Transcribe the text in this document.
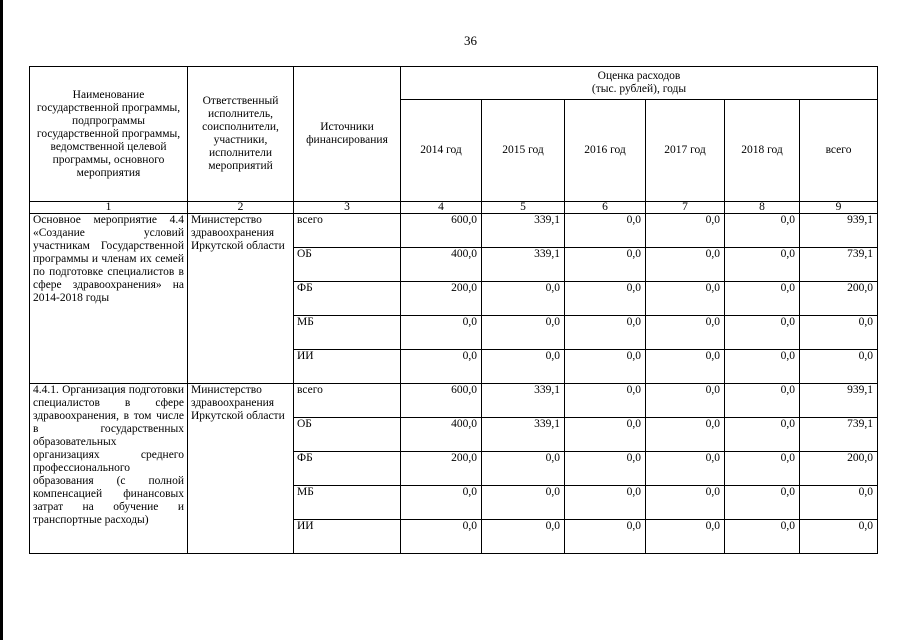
36
Наименование государственной программы, подпрограммы государственной программы, ведомственной целевой программы, основного мероприятия	Ответственный исполнитель, соисполнители, участники, исполнители мероприятий	Источники финансирования	Оценка расходов
(тыс. рублей), годы					

			2014 год	2015 год	2016 год	2017 год	2018 год	всего
1	2	3	4	5	6	7	8	9
Основное мероприятие 4.4 «Создание условий участникам Государственной программы и членам их семей по подготовке специалистов в сфере здравоохранения» на 2014-2018 годы	Министерство здравоохранения Иркутской области	всего	600,0	339,1	0,0	0,0	0,0	939,1
		ОБ	400,0	339,1	0,0	0,0	0,0	739,1
		ФБ	200,0	0,0	0,0	0,0	0,0	200,0
		МБ	0,0	0,0	0,0	0,0	0,0	0,0
		ИИ	0,0	0,0	0,0	0,0	0,0	0,0
4.4.1. Организация подготовки специалистов в сфере здравоохранения, в том числе в государственных образовательных организациях среднего профессионального образования (с полной компенсацией финансовых затрат на обучение и транспортные расходы)	Министерство здравоохранения Иркутской области	всего	600,0	339,1	0,0	0,0	0,0	939,1
		ОБ	400,0	339,1	0,0	0,0	0,0	739,1
		ФБ	200,0	0,0	0,0	0,0	0,0	200,0
		МБ	0,0	0,0	0,0	0,0	0,0	0,0
		ИИ	0,0	0,0	0,0	0,0	0,0	0,0
